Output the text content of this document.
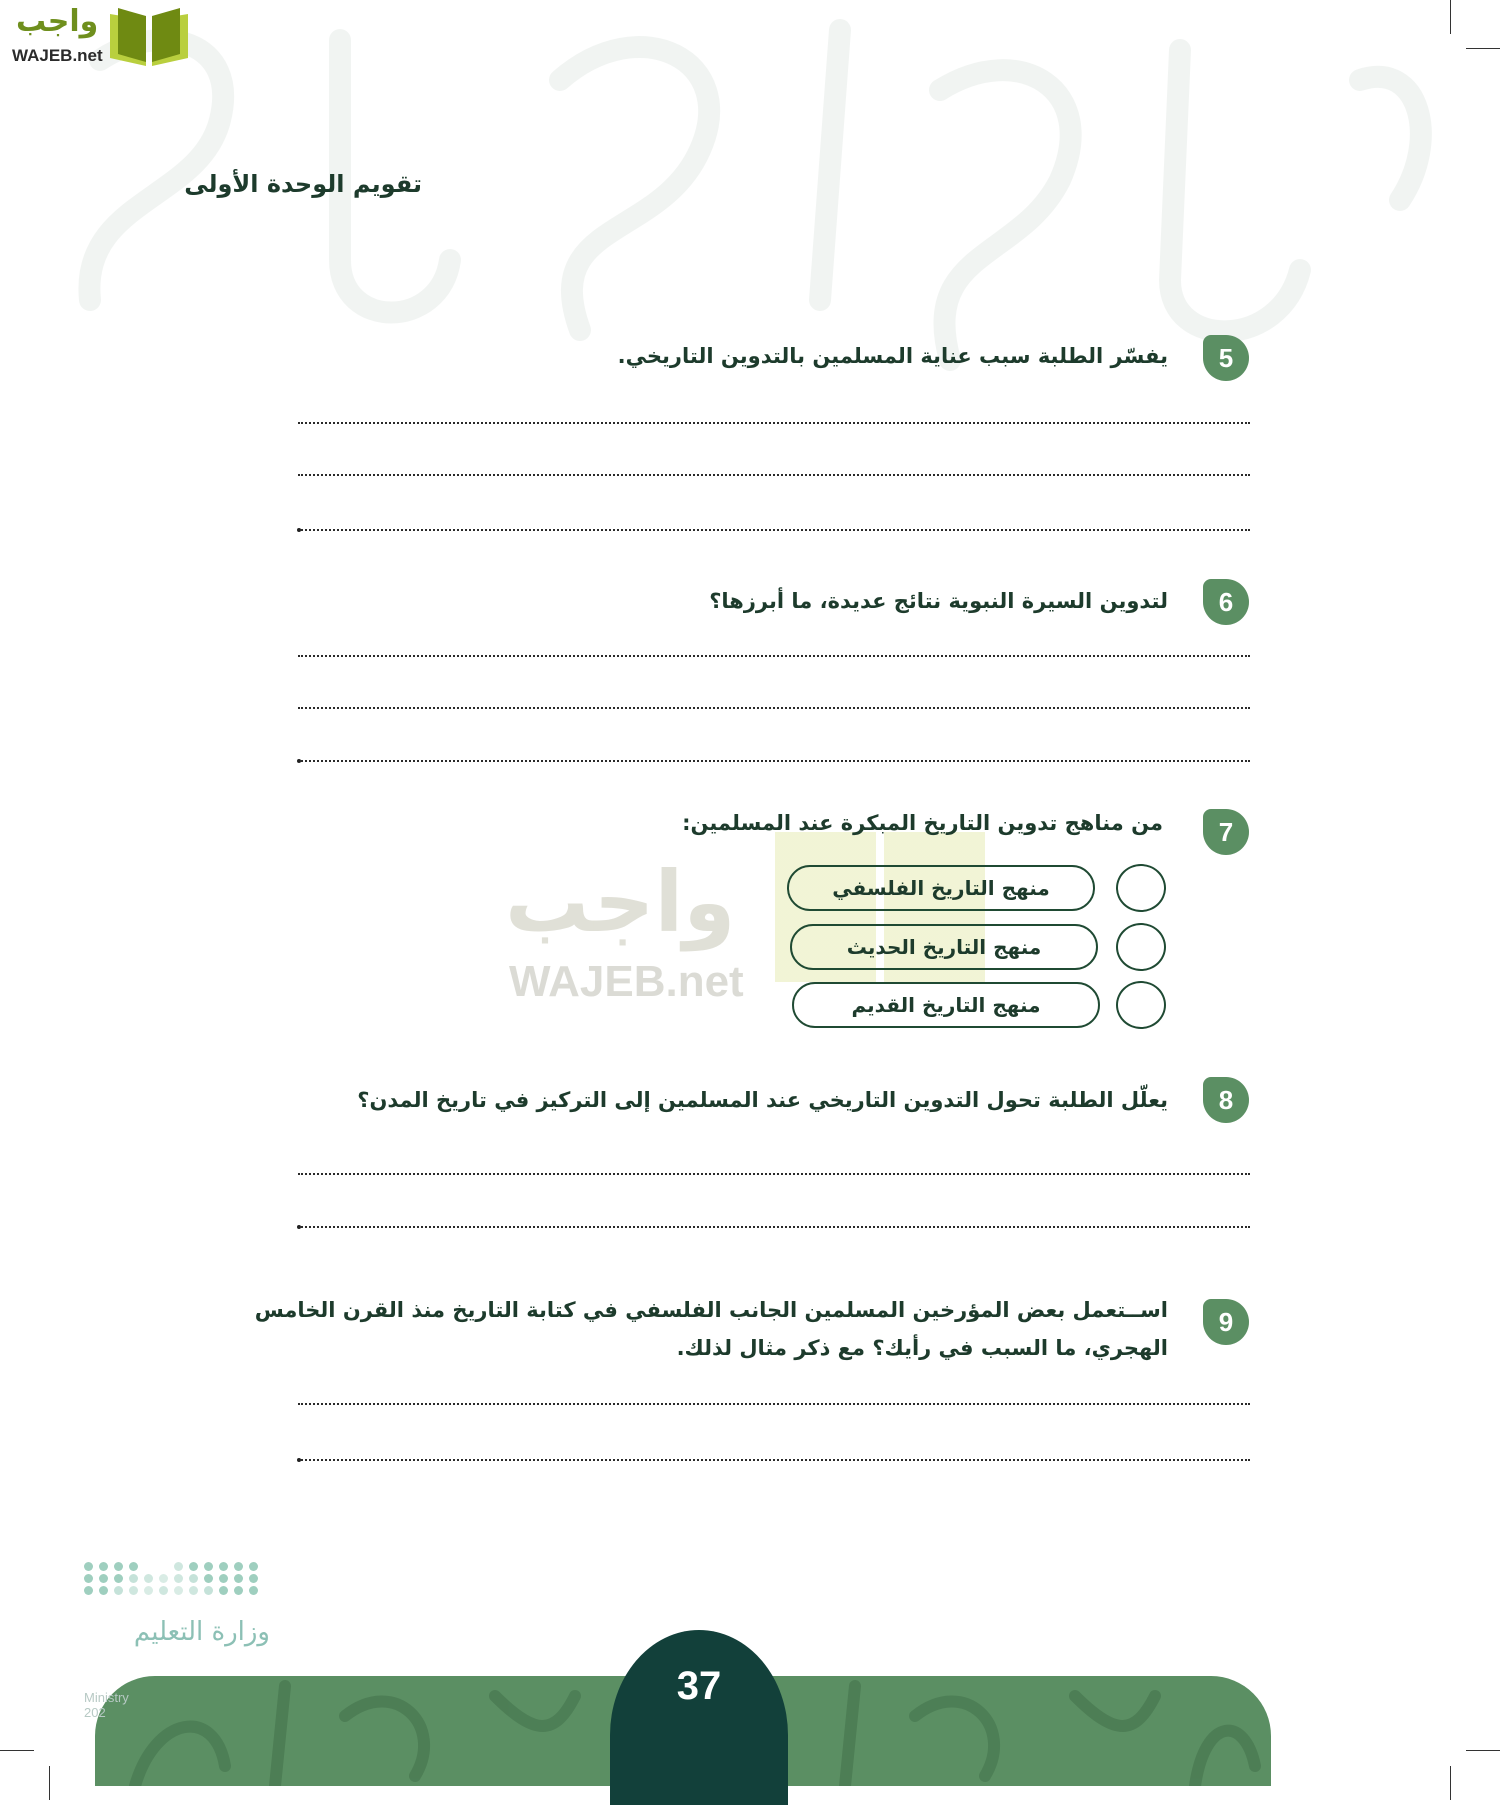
واجب
WAJEB.net
تقويم الوحدة الأولى
واجب
WAJEB.net
5
يفسّر الطلبة سبب عناية المسلمين بالتدوين التاريخي.
6
لتدوين السيرة النبوية نتائج عديدة، ما أبرزها؟
7
من مناهج تدوين التاريخ المبكرة عند المسلمين:
منهج التاريخ الفلسفي
منهج التاريخ الحديث
منهج التاريخ القديم
8
يعلّل الطلبة تحول التدوين التاريخي عند المسلمين إلى التركيز في تاريخ المدن؟
9
اســتعمل بعض المؤرخين المسلمين الجانب الفلسفي في كتابة التاريخ منذ القرن الخامس
الهجري، ما السبب في رأيك؟ مع ذكر مثال لذلك.
وزارة التعليم
Ministry
202
37
